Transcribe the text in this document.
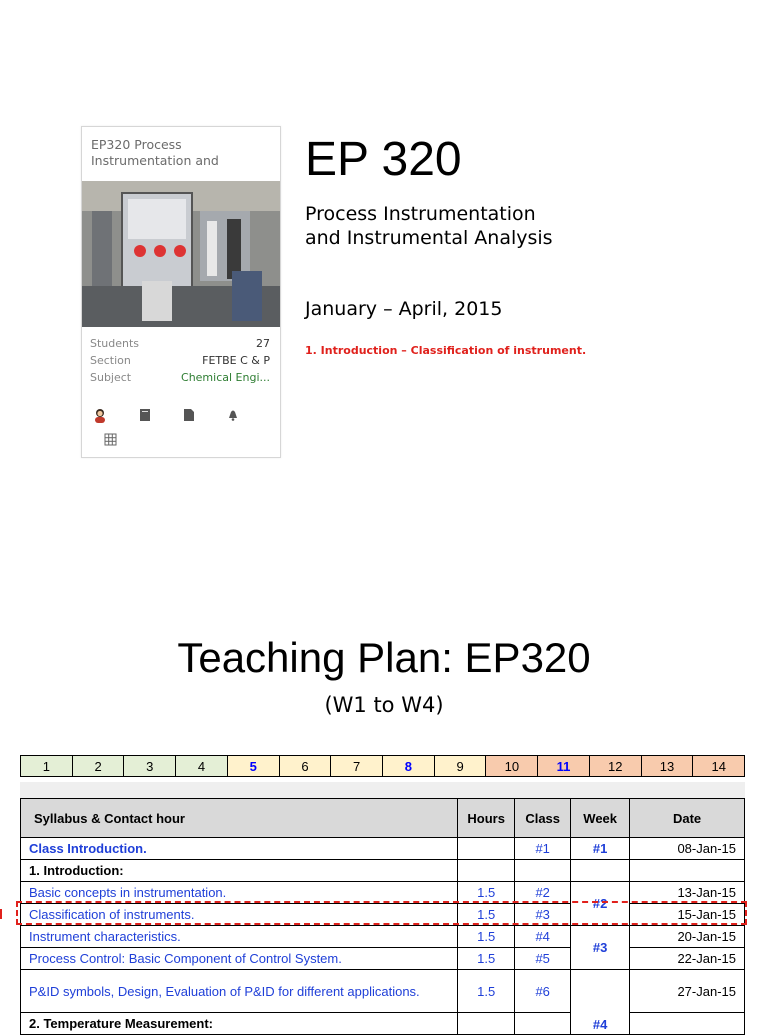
EP320 Process Instrumentation and
Students	27
Section	FETBE C & P
Subject	Chemical Engi...
EP 320
Process Instrumentation
and Instrumental Analysis
January – April, 2015
1. Introduction – Classification of instrument.
Teaching Plan: EP320
(W1 to W4)
1	2	3	4	5	6	7	8	9	10	11	12	13	14
Syllabus & Contact hour	Hours	Class	Week	Date
Class Introduction.		#1	#1	08-Jan-15
1. Introduction:				
Basic concepts in instrumentation.	1.5	#2	#2	13-Jan-15
Classification of instruments.	1.5	#3		15-Jan-15
Instrument characteristics.	1.5	#4	#3	20-Jan-15
Process Control: Basic Component of Control System.	1.5	#5		22-Jan-15
P&ID symbols, Design, Evaluation of P&ID for different applications.	1.5	#6	#4	27-Jan-15
2. Temperature Measurement:				
